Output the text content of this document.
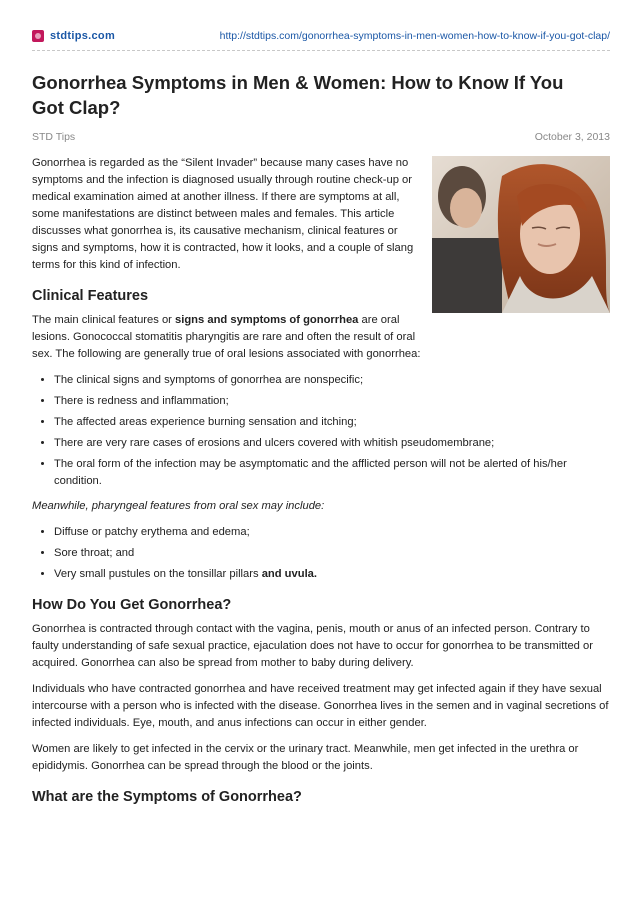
stdtips.com	http://stdtips.com/gonorrhea-symptoms-in-men-women-how-to-know-if-you-got-clap/
Gonorrhea Symptoms in Men & Women: How to Know If You Got Clap?
STD Tips	October 3, 2013

Gonorrhea is regarded as the “Silent Invader” because many cases have no symptoms and the infection is diagnosed usually through routine check-up or medical examination aimed at another illness. If there are symptoms at all, some manifestations are distinct between males and females. This article discusses what gonorrhea is, its causative mechanism, clinical features or signs and symptoms, how it is contracted, how it looks, and a couple of slang terms for this kind of infection.

Clinical Features

The main clinical features or signs and symptoms of gonorrhea are oral lesions. Gonococcal stomatitis pharyngitis are rare and often the result of oral sex. The following are generally true of oral lesions associated with gonorrhea:

• The clinical signs and symptoms of gonorrhea are nonspecific;
• There is redness and inflammation;
• The affected areas experience burning sensation and itching;
• There are very rare cases of erosions and ulcers covered with whitish pseudomembrane;
• The oral form of the infection may be asymptomatic and the afflicted person will not be alerted of his/her condition.

Meanwhile, pharyngeal features from oral sex may include:

• Diffuse or patchy erythema and edema;
• Sore throat; and
• Very small pustules on the tonsillar pillars and uvula.
How Do You Get Gonorrhea?

Gonorrhea is contracted through contact with the vagina, penis, mouth or anus of an infected person. Contrary to faulty understanding of safe sexual practice, ejaculation does not have to occur for gonorrhea to be transmitted or acquired. Gonorrhea can also be spread from mother to baby during delivery.

Individuals who have contracted gonorrhea and have received treatment may get infected again if they have sexual intercourse with a person who is infected with the disease. Gonorrhea lives in the semen and in vaginal secretions of infected individuals. Eye, mouth, and anus infections can occur in either gender.

Women are likely to get infected in the cervix or the urinary tract. Meanwhile, men get infected in the urethra or epididymis. Gonorrhea can be spread through the blood or the joints.

What are the Symptoms of Gonorrhea?
